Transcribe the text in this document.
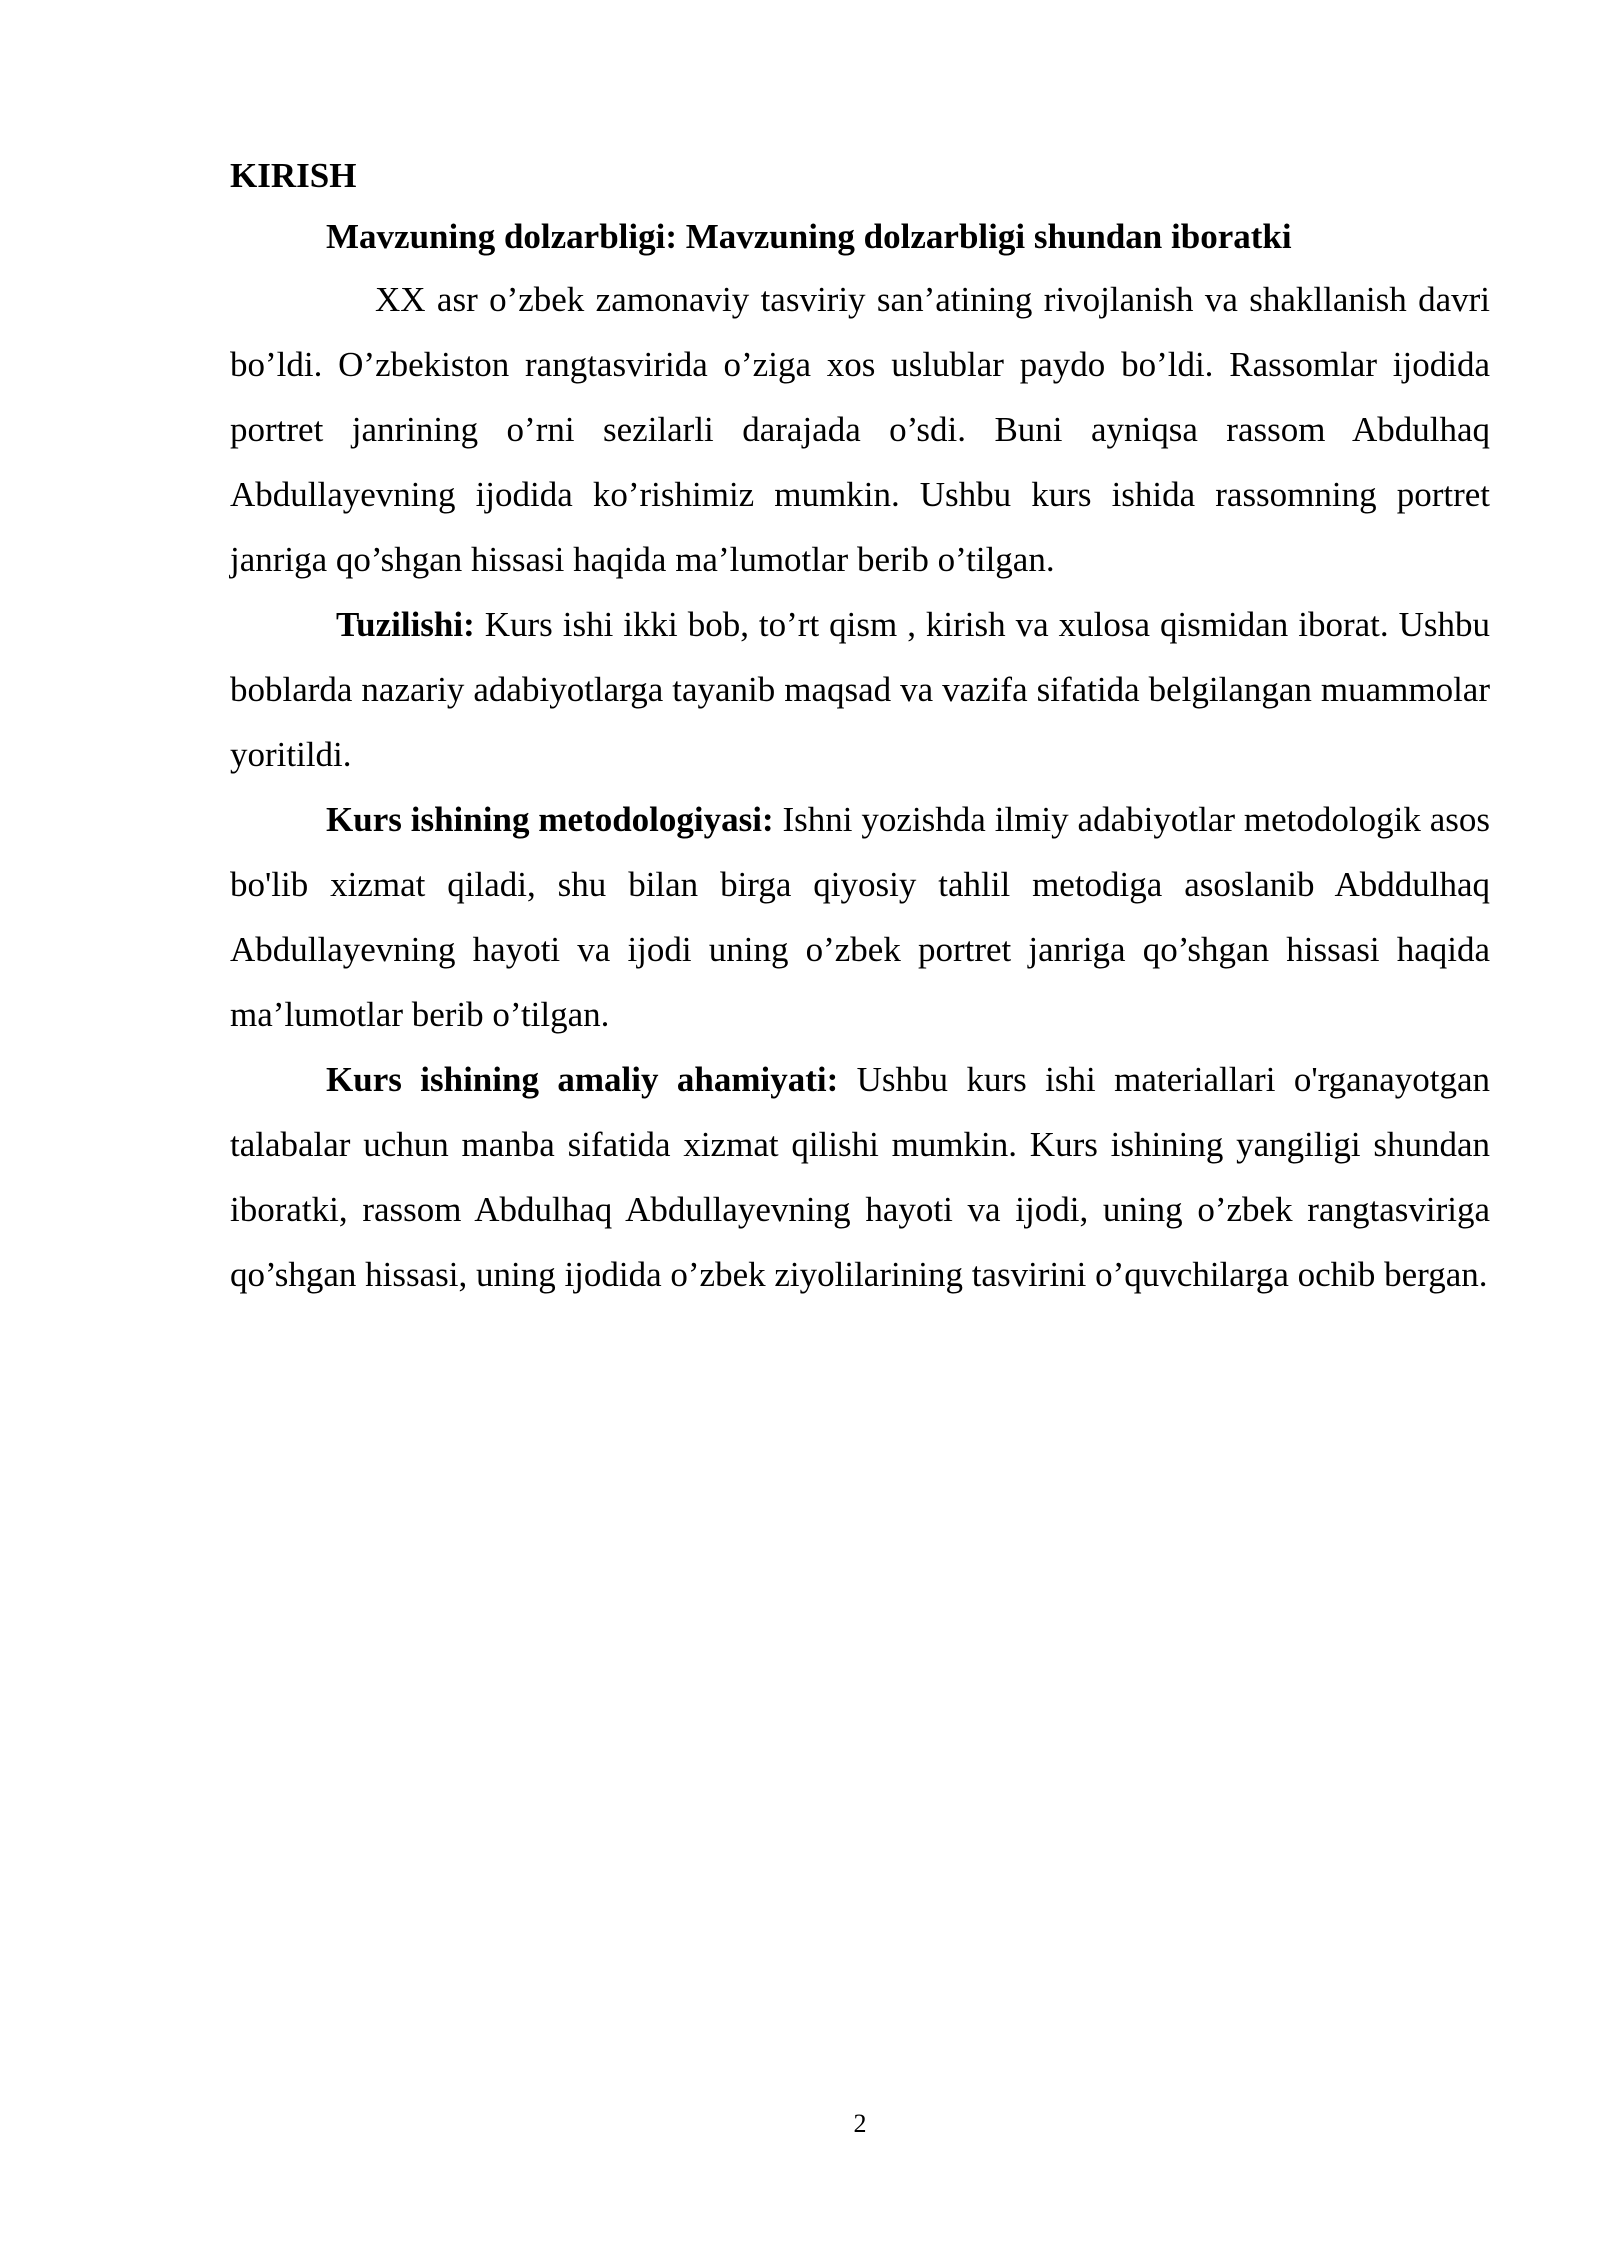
KIRISH

Mavzuning dolzarbligi: Mavzuning dolzarbligi shundan iboratki

XX asr o’zbek zamonaviy tasviriy san’atining rivojlanish va shakllanish davri bo’ldi. O’zbekiston rangtasvirida o’ziga xos uslublar paydo bo’ldi. Rassomlar ijodida portret janrining o’rni sezilarli darajada o’sdi. Buni ayniqsa rassom Abdulhaq Abdullayevning ijodida ko’rishimiz mumkin. Ushbu kurs ishida rassomning portret janriga qo’shgan hissasi haqida ma’lumotlar berib o’tilgan.

Tuzilishi: Kurs ishi ikki bob, to’rt qism , kirish va xulosa qismidan iborat. Ushbu boblarda nazariy adabiyotlarga tayanib maqsad va vazifa sifatida belgilangan muammolar yoritildi.

Kurs ishining metodologiyasi: Ishni yozishda ilmiy adabiyotlar metodologik asos bo'lib xizmat qiladi, shu bilan birga qiyosiy tahlil metodiga asoslanib Abddulhaq Abdullayevning hayoti va ijodi uning o’zbek portret janriga qo’shgan hissasi haqida ma’lumotlar berib o’tilgan.

Kurs ishining amaliy ahamiyati: Ushbu kurs ishi materiallari o'rganayotgan talabalar uchun manba sifatida xizmat qilishi mumkin. Kurs ishining yangiligi shundan iboratki, rassom Abdulhaq Abdullayevning hayoti va ijodi, uning o’zbek rangtasviriga qo’shgan hissasi, uning ijodida o’zbek ziyolilarining tasvirini o’quvchilarga ochib bergan.

2
